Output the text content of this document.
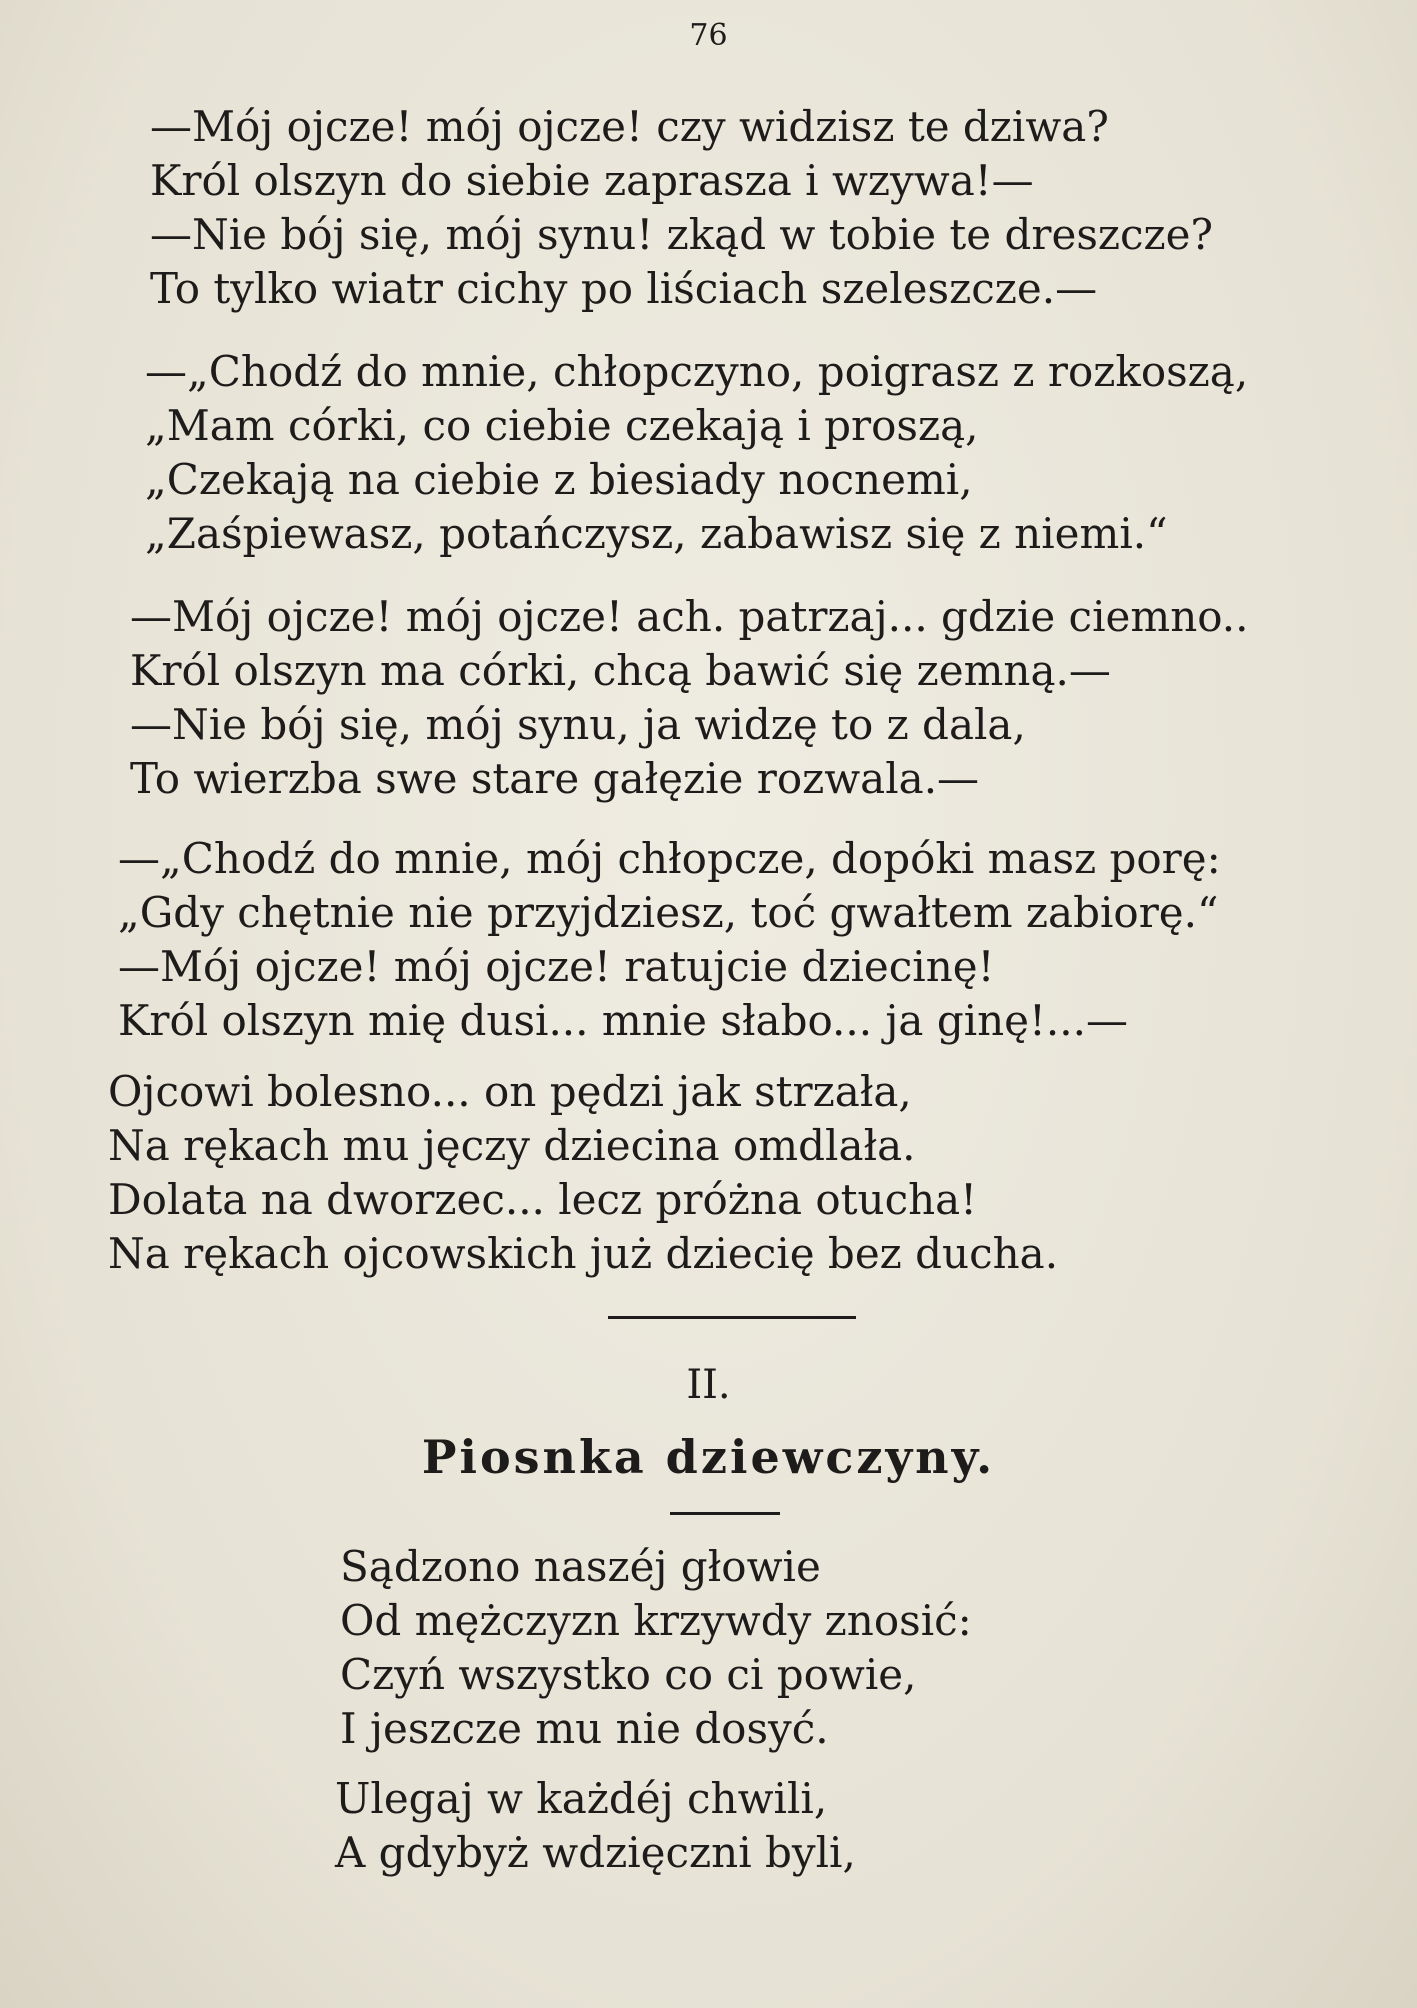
76
—Mój ojcze! mój ojcze! czy widzisz te dziwa?
Król olszyn do siebie zaprasza i wzywa!—
—Nie bój się, mój synu! zkąd w tobie te dreszcze?
To tylko wiatr cichy po liściach szeleszcze.—
—„Chodź do mnie, chłopczyno, poigrasz z rozkoszą,
„Mam córki, co ciebie czekają i proszą,
„Czekają na ciebie z biesiady nocnemi,
„Zaśpiewasz, potańczysz, zabawisz się z niemi.“
—Mój ojcze! mój ojcze! ach. patrzaj... gdzie ciemno..
Król olszyn ma córki, chcą bawić się zemną.—
—Nie bój się, mój synu, ja widzę to z dala,
To wierzba swe stare gałęzie rozwala.—
—„Chodź do mnie, mój chłopcze, dopóki masz porę:
„Gdy chętnie nie przyjdziesz, toć gwałtem zabiorę.“
—Mój ojcze! mój ojcze! ratujcie dziecinę!
Król olszyn mię dusi... mnie słabo... ja ginę!...—
Ojcowi bolesno... on pędzi jak strzała,
Na rękach mu jęczy dziecina omdlała.
Dolata na dworzec... lecz próżna otucha!
Na rękach ojcowskich już dziecię bez ducha.
II.
Piosnka dziewczyny.
Sądzono naszéj głowie
Od mężczyzn krzywdy znosić:
Czyń wszystko co ci powie,
I jeszcze mu nie dosyć.
Ulegaj w każdéj chwili,
A gdybyż wdzięczni byli,
